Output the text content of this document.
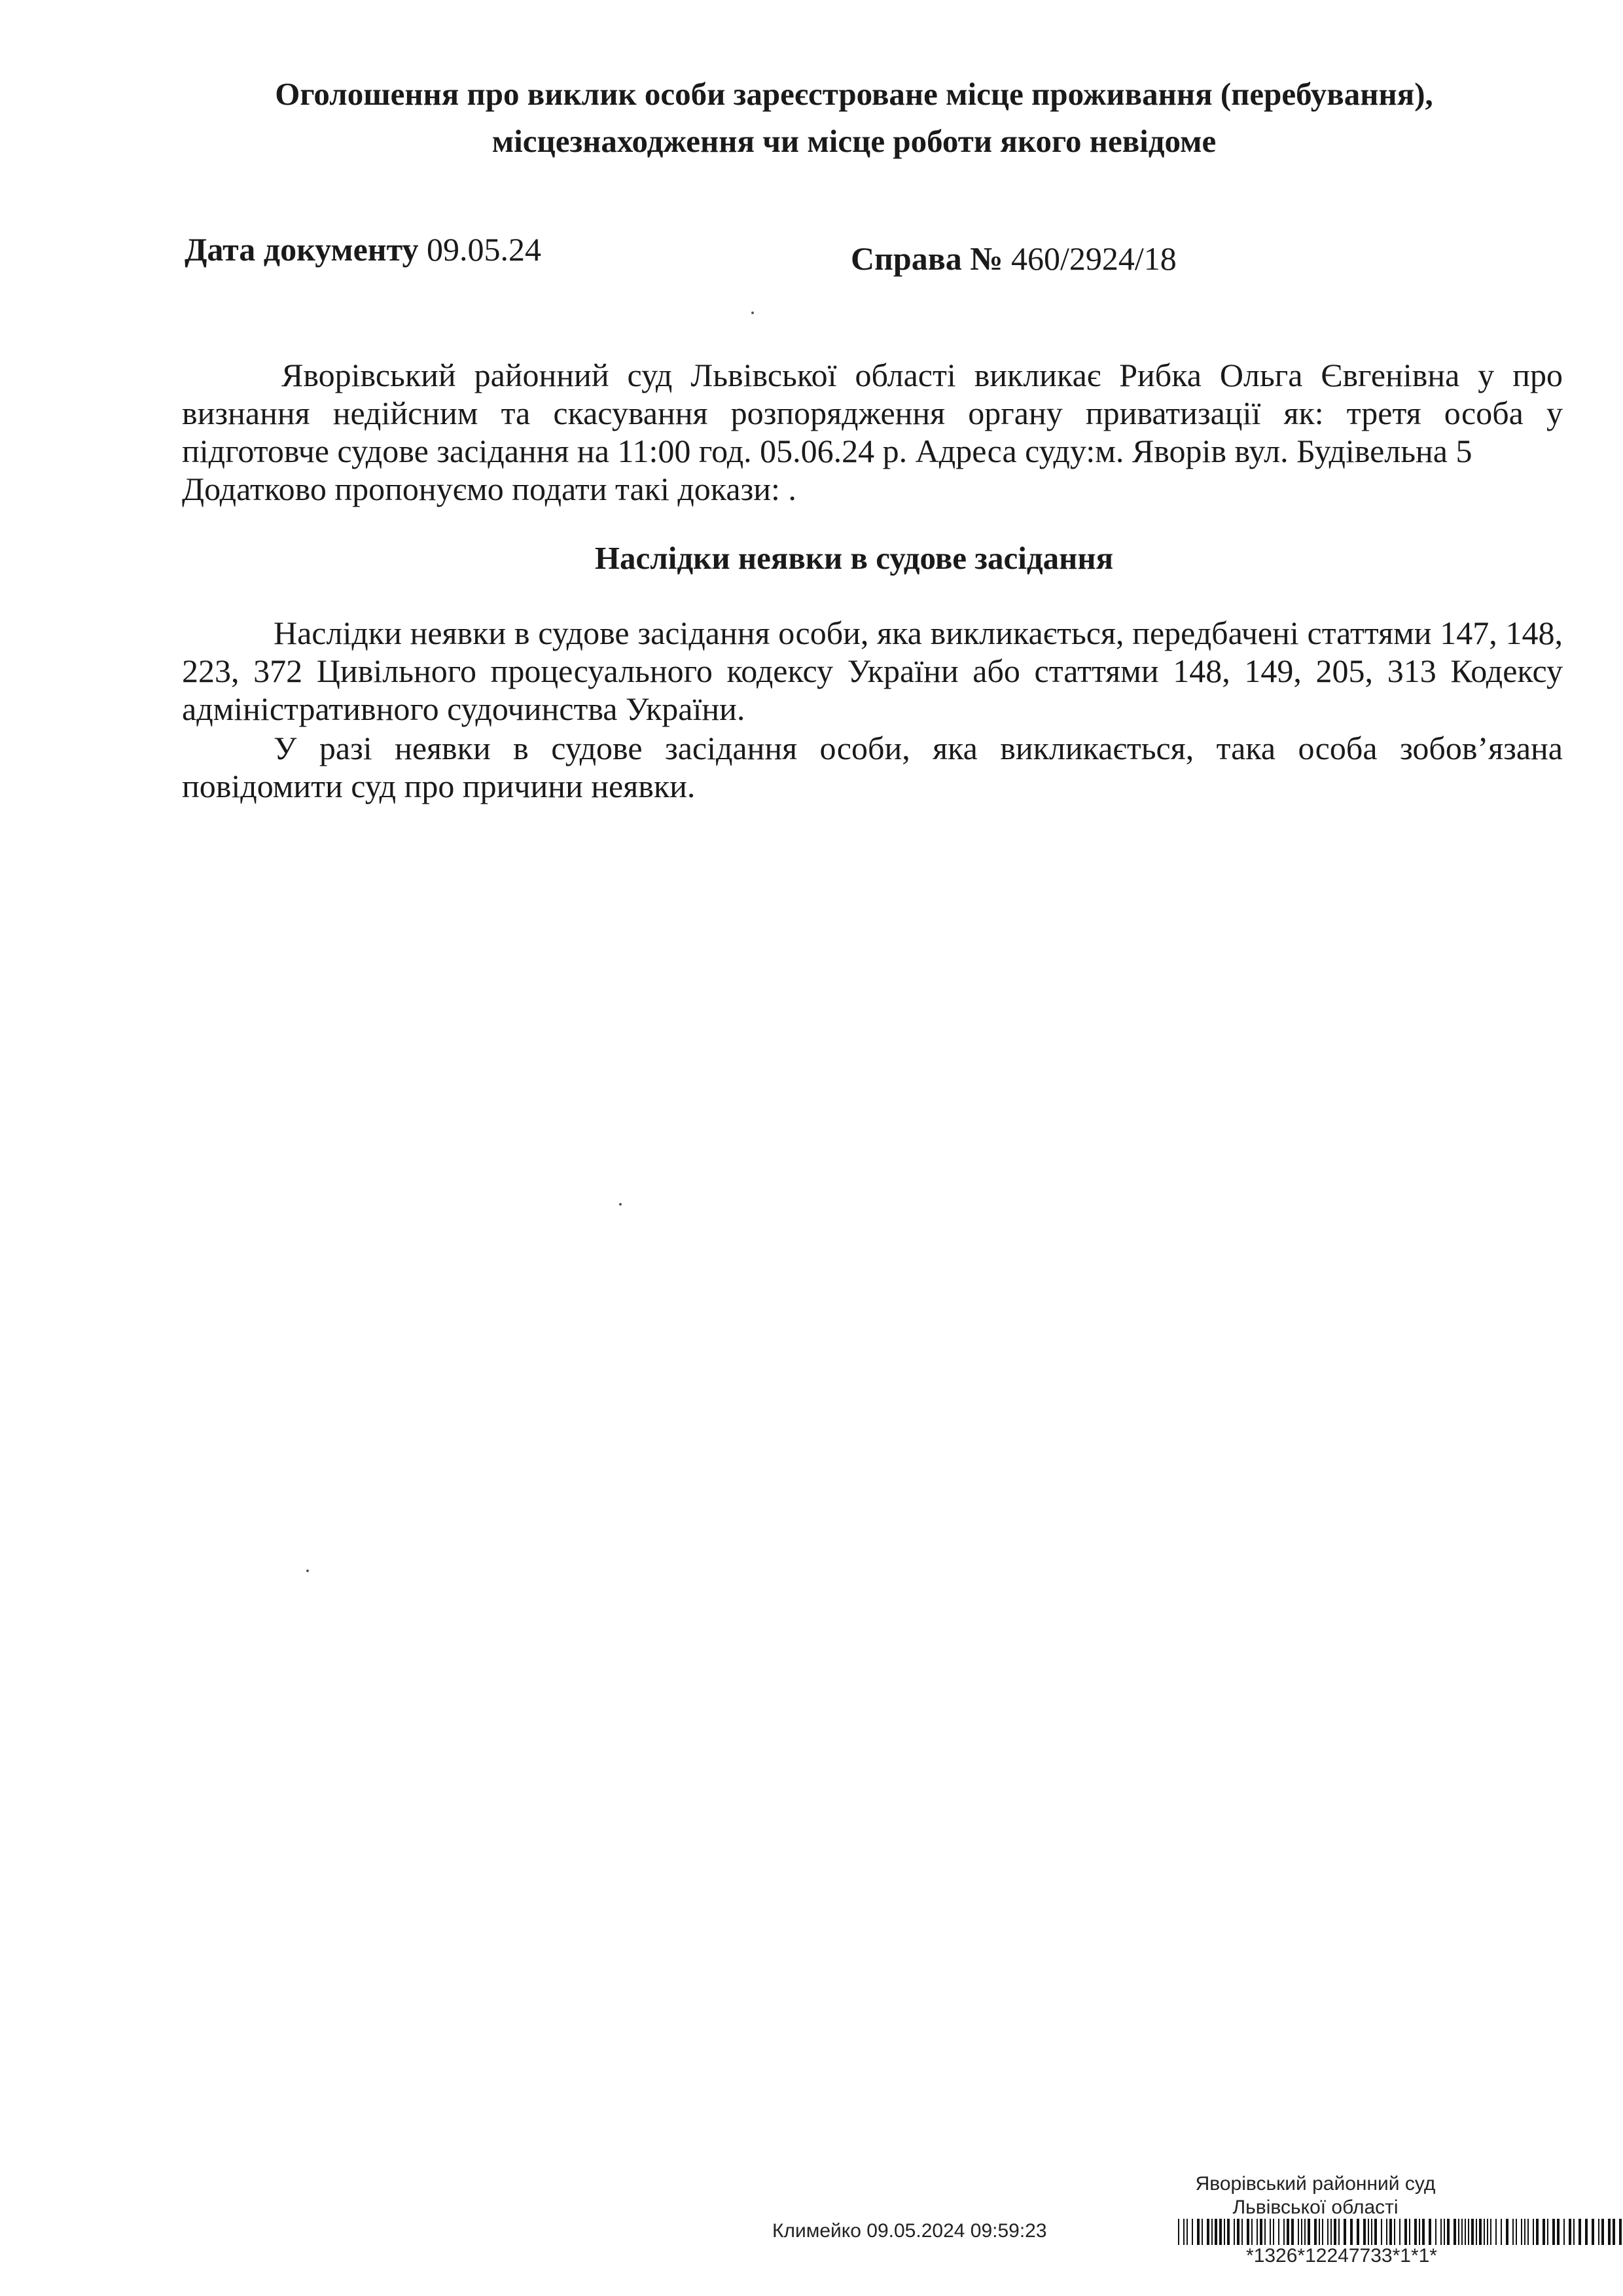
Оголошення про виклик особи зареєстроване місце проживання (перебування),
місцезнаходження чи місце роботи якого невідоме
Дата документу 09.05.24	Справа № 460/2924/18
Яворівський районний суд Львівської області викликає Рибка Ольга Євгенівна у про
визнання недійсним та скасування розпорядження органу приватизації як: третя особа у
підготовче судове засідання на 11:00 год. 05.06.24 р. Адреса суду:м. Яворів вул. Будівельна 5
Додатково пропонуємо подати такі докази: .
Наслідки неявки в судове засідання
Наслідки неявки в судове засідання особи, яка викликається, передбачені статтями 147, 148,
223, 372 Цивільного процесуального кодексу України або статтями 148, 149, 205, 313 Кодексу
адміністративного судочинства України.
У разі неявки в судове засідання особи, яка викликається, така особа зобов’язана
повідомити суд про причини неявки.
Яворівський районний суд
Львівської області
Климейко 09.05.2024 09:59:23
*1326*12247733*1*1*
